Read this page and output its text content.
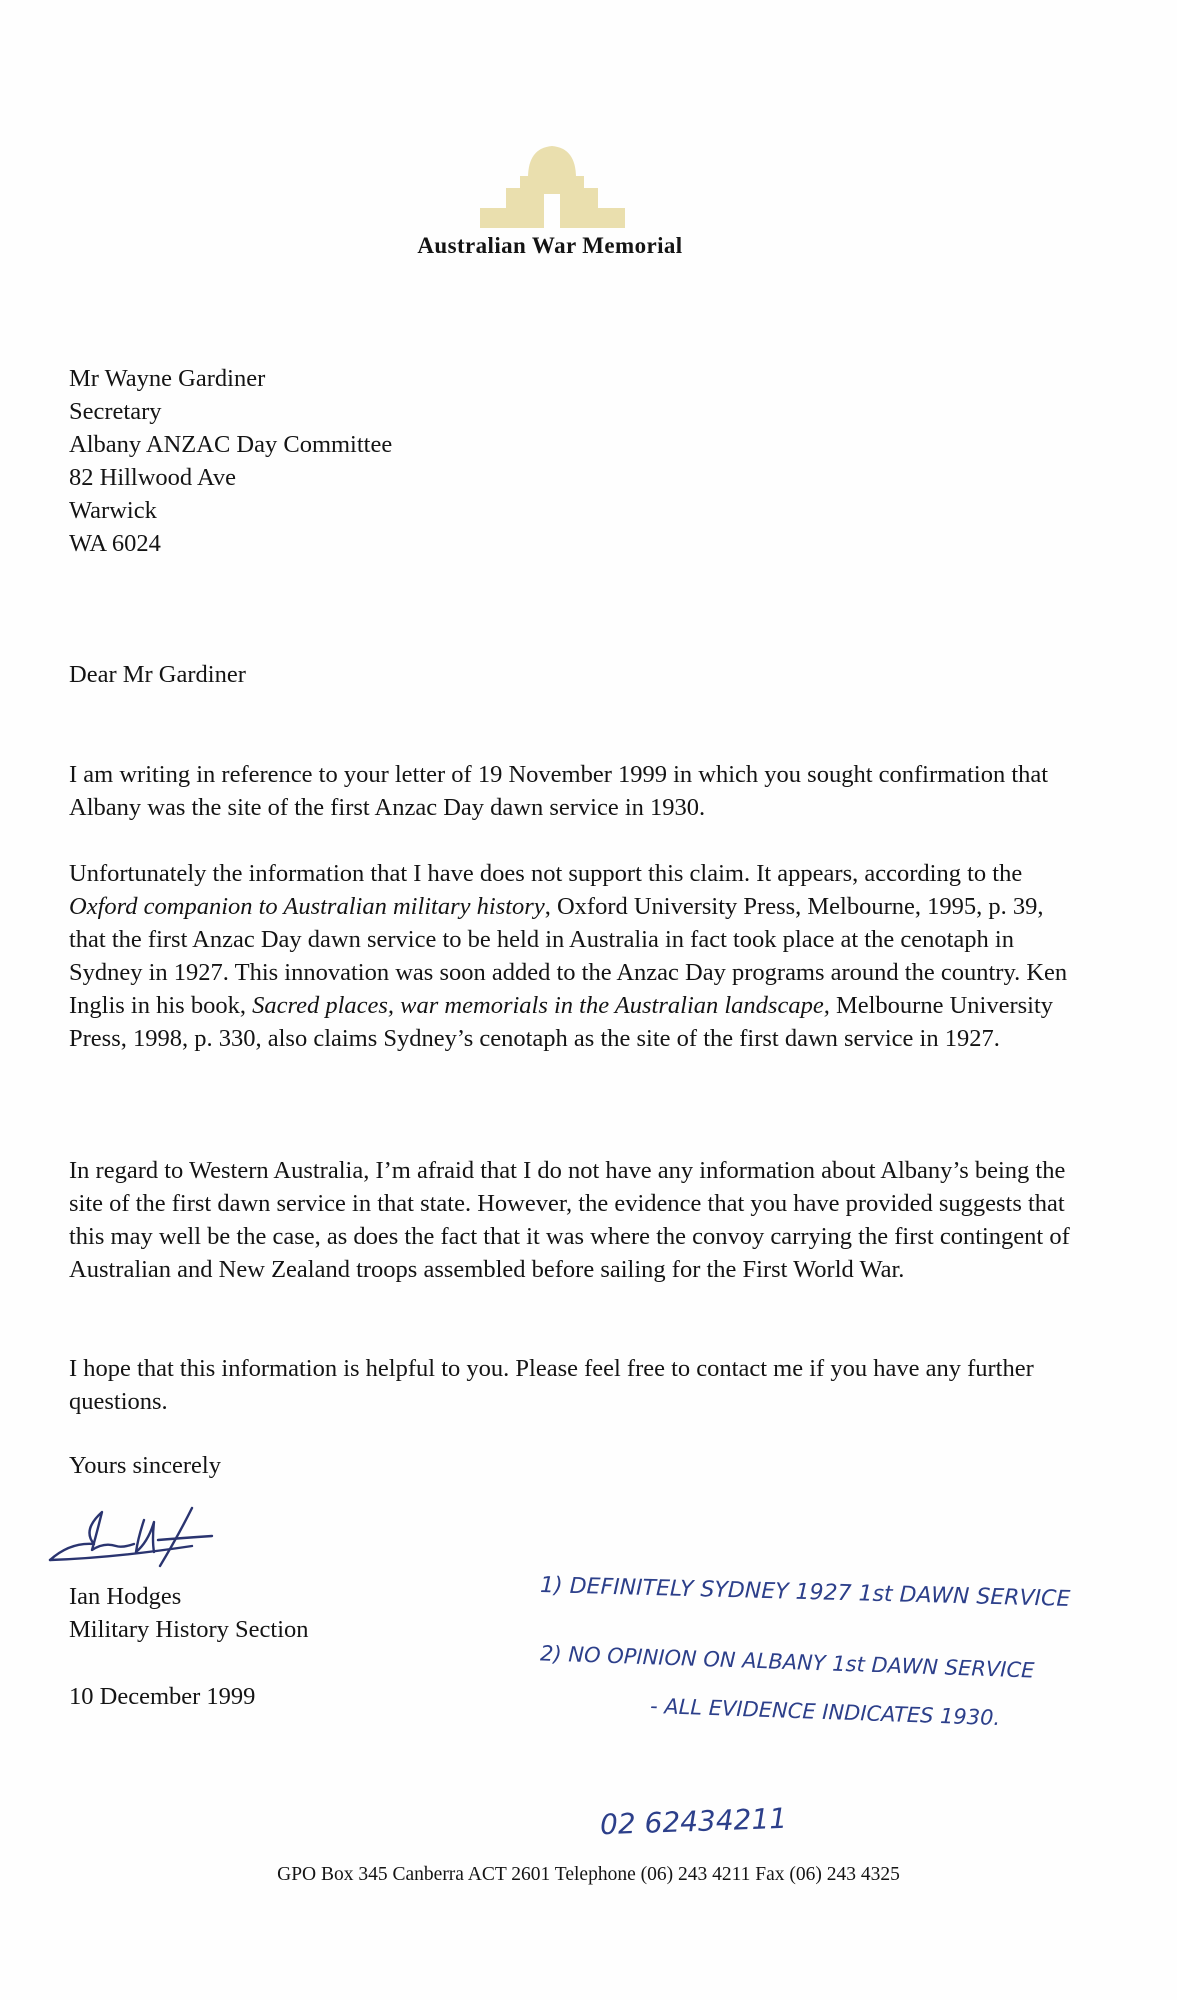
Australian War Memorial
Mr Wayne Gardiner
Secretary
Albany ANZAC Day Committee
82 Hillwood Ave
Warwick
WA 6024
Dear Mr Gardiner

I am writing in reference to your letter of 19 November 1999 in which you sought confirmation that Albany was the site of the first Anzac Day dawn service in 1930.

Unfortunately the information that I have does not support this claim. It appears, according to the Oxford companion to Australian military history, Oxford University Press, Melbourne, 1995, p. 39, that the first Anzac Day dawn service to be held in Australia in fact took place at the cenotaph in Sydney in 1927. This innovation was soon added to the Anzac Day programs around the country. Ken Inglis in his book, Sacred places, war memorials in the Australian landscape, Melbourne University Press, 1998, p. 330, also claims Sydney’s cenotaph as the site of the first dawn service in 1927.

In regard to Western Australia, I’m afraid that I do not have any information about Albany’s being the site of the first dawn service in that state. However, the evidence that you have provided suggests that this may well be the case, as does the fact that it was where the convoy carrying the first contingent of Australian and New Zealand troops assembled before sailing for the First World War.

I hope that this information is helpful to you. Please feel free to contact me if you have any further questions.

Yours sincerely
Ian Hodges
Military History Section
10 December 1999
1) DEFINITELY SYDNEY 1927 1st DAWN SERVICE
2) NO OPINION ON ALBANY 1st DAWN SERVICE
- ALL EVIDENCE INDICATES 1930.
02 62434211
GPO Box 345 Canberra ACT 2601 Telephone (06) 243 4211 Fax (06) 243 4325
